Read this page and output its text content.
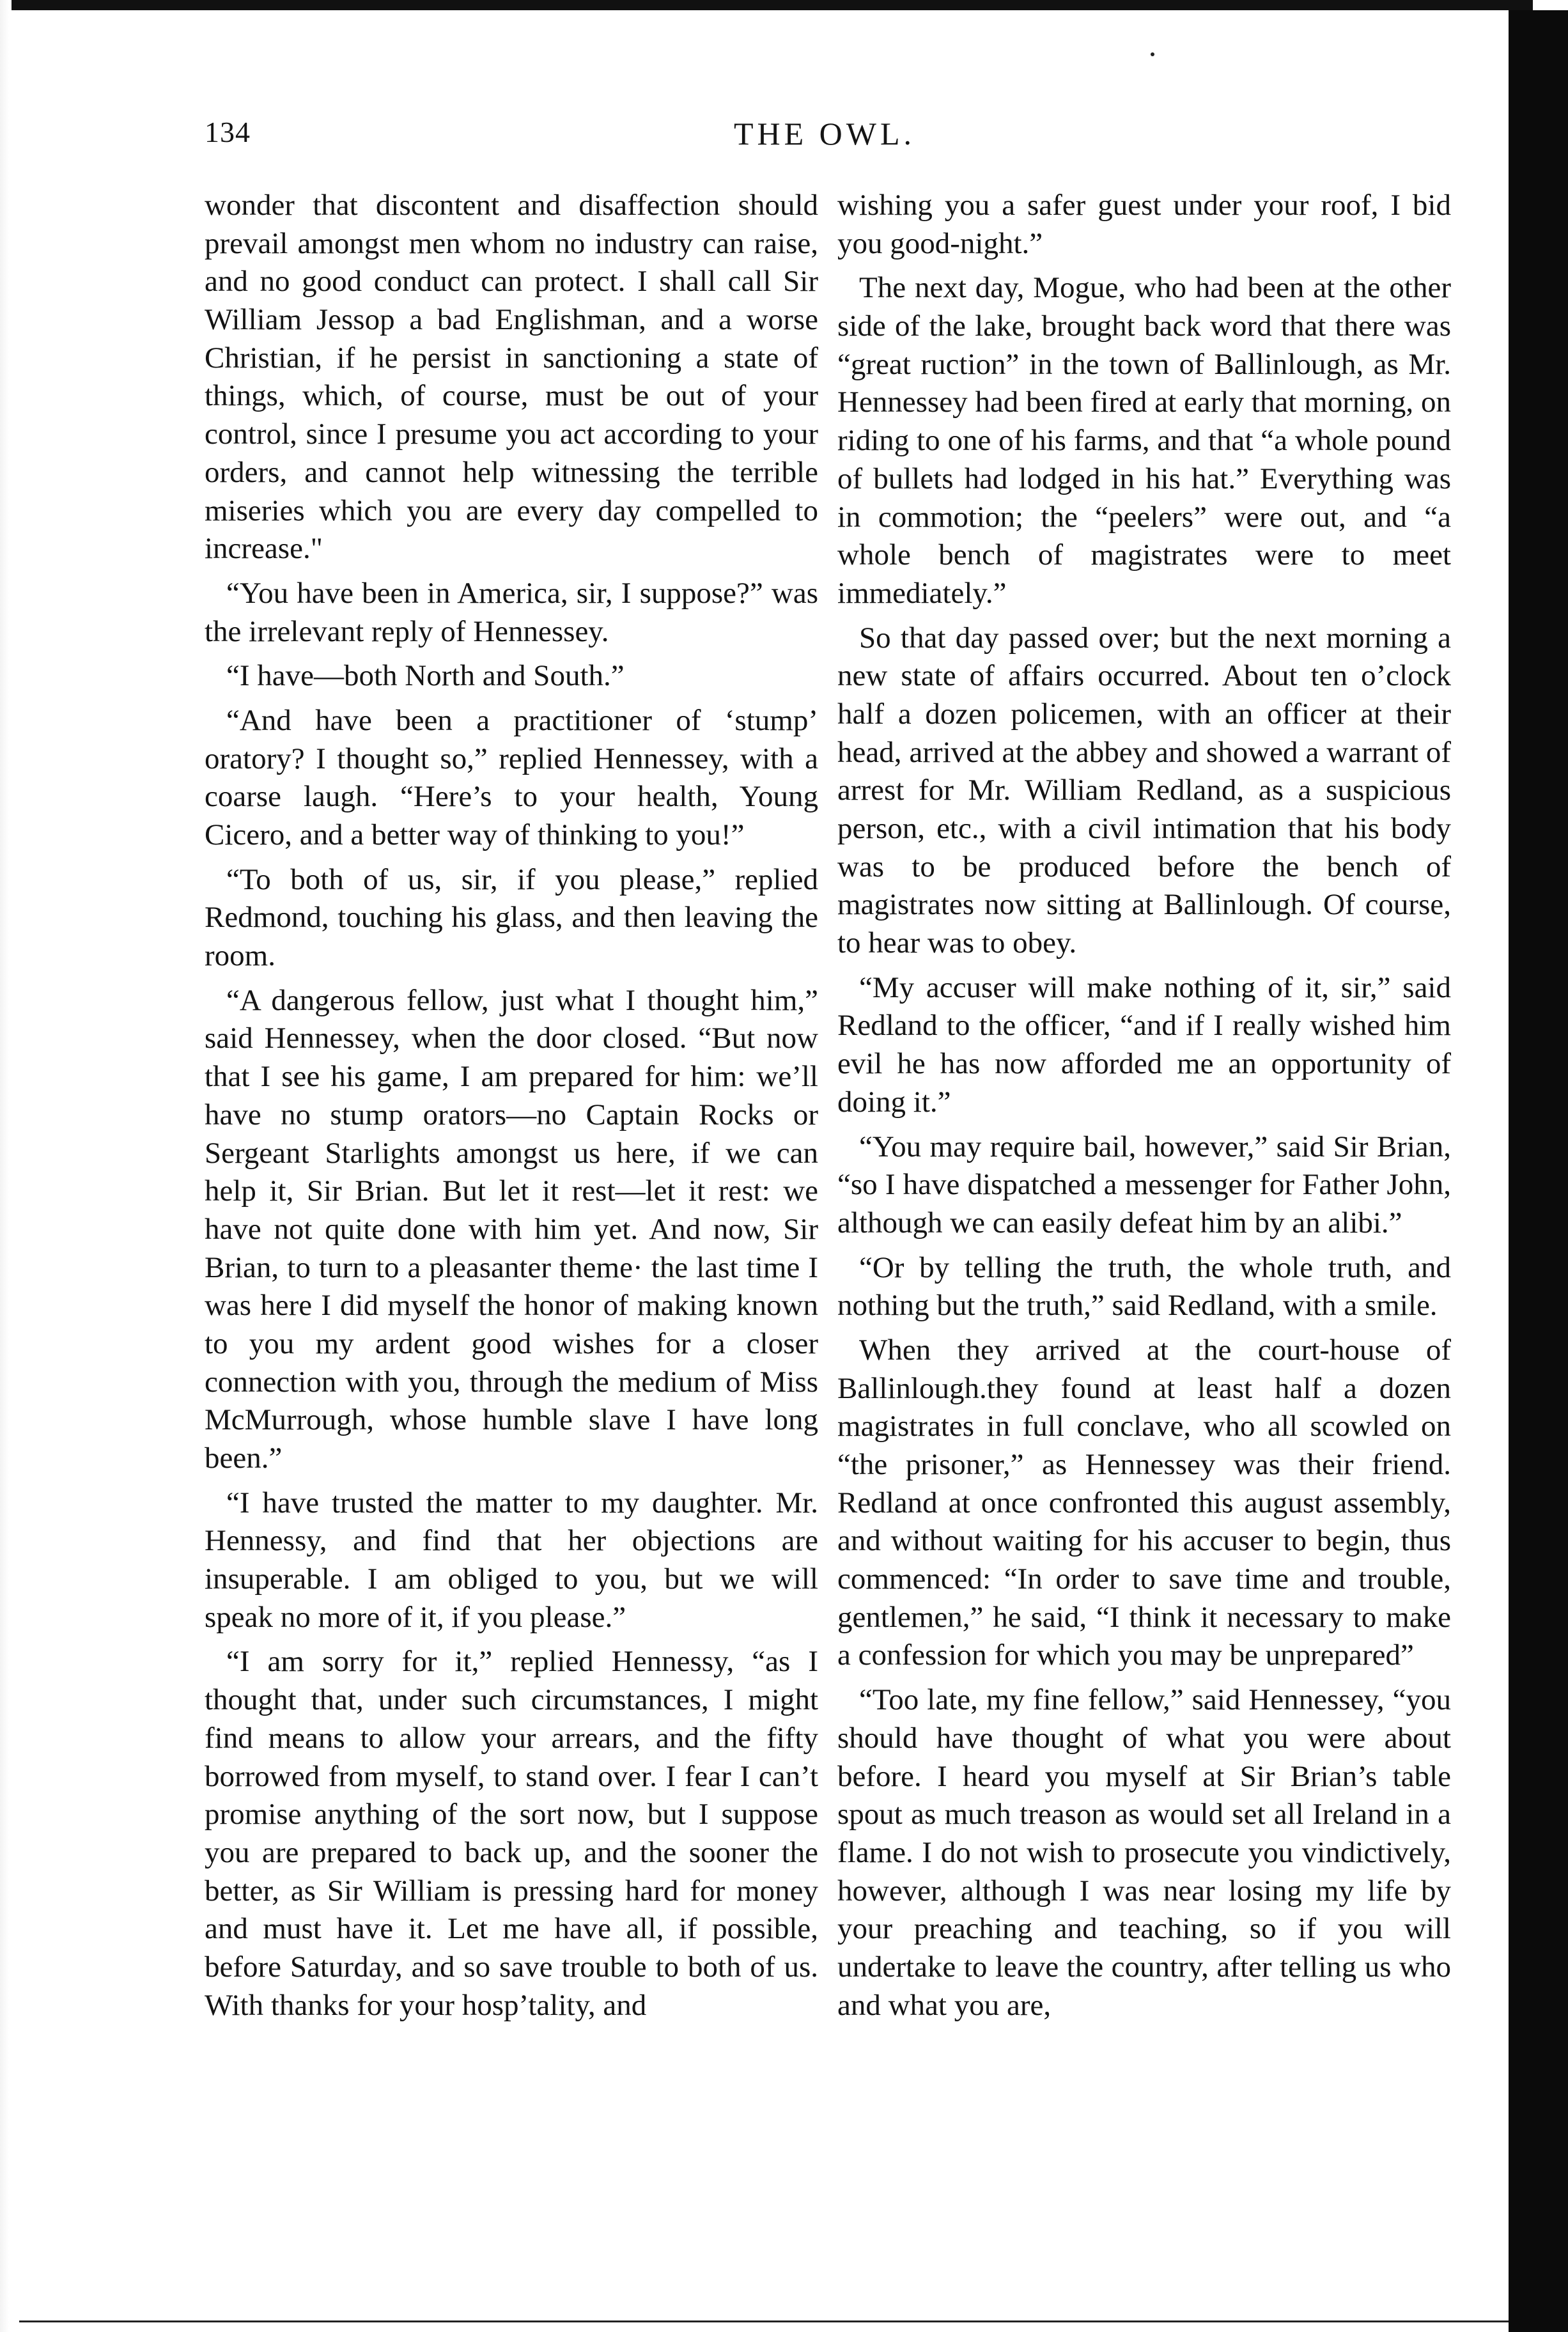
134	THE OWL.

wonder that discontent and disaffection should prevail amongst men whom no industry can raise, and no good conduct can protect. I shall call Sir William Jessop a bad Englishman, and a worse Christian, if he persist in sanctioning a state of things, which, of course, must be out of your control, since I presume you act according to your orders, and cannot help witnessing the terrible miseries which you are every day compelled to increase."

“You have been in America, sir, I suppose?” was the irrelevant reply of Hennessey.

“I have—both North and South.”

“And have been a practitioner of ‘stump’ oratory? I thought so,” replied Hennessey, with a coarse laugh. “Here’s to your health, Young Cicero, and a better way of thinking to you!”

“To both of us, sir, if you please,” replied Redmond, touching his glass, and then leaving the room.

“A dangerous fellow, just what I thought him,” said Hennessey, when the door closed. “But now that I see his game, I am prepared for him: we’ll have no stump orators—no Captain Rocks or Sergeant Starlights amongst us here, if we can help it, Sir Brian. But let it rest—let it rest: we have not quite done with him yet. And now, Sir Brian, to turn to a pleasanter theme· the last time I was here I did myself the honor of making known to you my ardent good wishes for a closer connection with you, through the medium of Miss McMurrough, whose humble slave I have long been.”

“I have trusted the matter to my daughter. Mr. Hennessy, and find that her objections are insuperable. I am obliged to you, but we will speak no more of it, if you please.”

“I am sorry for it,” replied Hennessy, “as I thought that, under such circumstances, I might find means to allow your arrears, and the fifty borrowed from myself, to stand over. I fear I can’t promise anything of the sort now, but I suppose you are prepared to back up, and the sooner the better, as Sir William is pressing hard for money and must have it. Let me have all, if possible, before Saturday, and so save trouble to both of us. With thanks for your hosp’tality, and

wishing you a safer guest under your roof, I bid you good-night.”

The next day, Mogue, who had been at the other side of the lake, brought back word that there was “great ruction” in the town of Ballinlough, as Mr. Hennessey had been fired at early that morning, on riding to one of his farms, and that “a whole pound of bullets had lodged in his hat.” Everything was in commotion; the “peelers” were out, and “a whole bench of magistrates were to meet immediately.”

So that day passed over; but the next morning a new state of affairs occurred. About ten o’clock half a dozen policemen, with an officer at their head, arrived at the abbey and showed a warrant of arrest for Mr. William Redland, as a suspicious person, etc., with a civil intimation that his body was to be produced before the bench of magistrates now sitting at Ballinlough. Of course, to hear was to obey.

“My accuser will make nothing of it, sir,” said Redland to the officer, “and if I really wished him evil he has now afforded me an opportunity of doing it.”

“You may require bail, however,” said Sir Brian, “so I have dispatched a messenger for Father John, although we can easily defeat him by an alibi.”

“Or by telling the truth, the whole truth, and nothing but the truth,” said Redland, with a smile.

When they arrived at the court-house of Ballinlough.they found at least half a dozen magistrates in full conclave, who all scowled on “the prisoner,” as Hennessey was their friend. Redland at once confronted this august assembly, and without waiting for his accuser to begin, thus commenced: “In order to save time and trouble, gentlemen,” he said, “I think it necessary to make a confession for which you may be unprepared”

“Too late, my fine fellow,” said Hennessey, “you should have thought of what you were about before. I heard you myself at Sir Brian’s table spout as much treason as would set all Ireland in a flame. I do not wish to prosecute you vindictively, however, although I was near losing my life by your preaching and teaching, so if you will undertake to leave the country, after telling us who and what you are,
